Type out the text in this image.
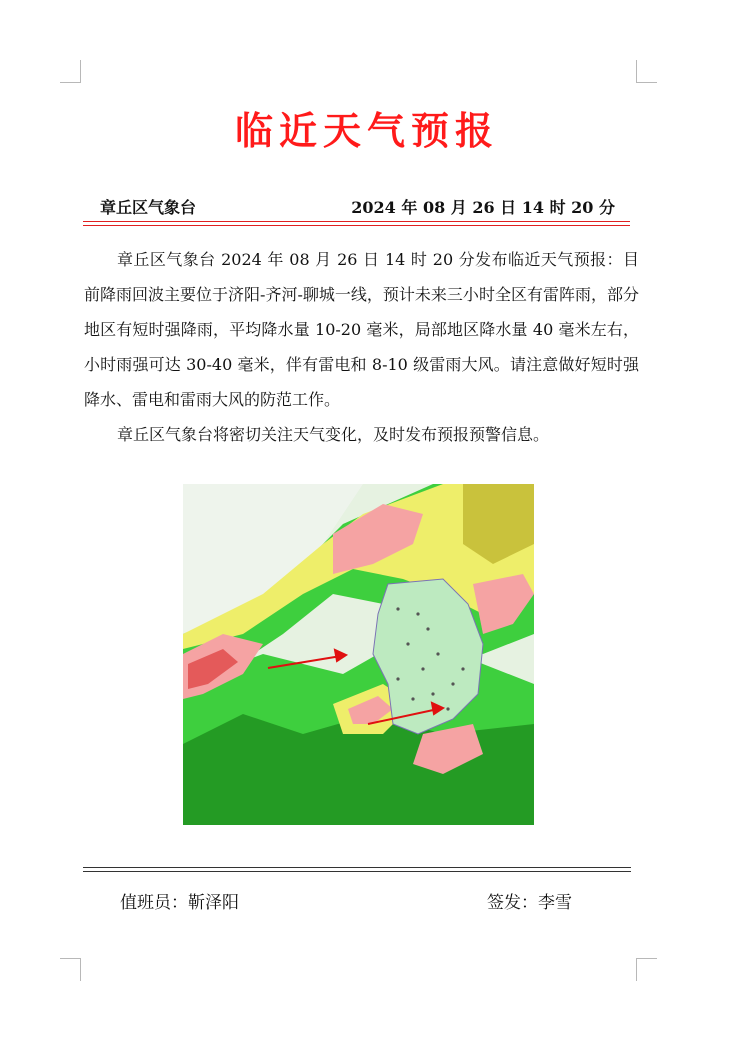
临近天气预报
章丘区气象台	2024 年 08 月 26 日 14 时 20 分

章丘区气象台 2024 年 08 月 26 日 14 时 20 分发布临近天气预报：目前降雨回波主要位于济阳-齐河-聊城一线，预计未来三小时全区有雷阵雨，部分地区有短时强降雨，平均降水量 10-20 毫米，局部地区降水量 40 毫米左右，小时雨强可达 30-40 毫米，伴有雷电和 8-10 级雷雨大风。请注意做好短时强降水、雷电和雷雨大风的防范工作。

章丘区气象台将密切关注天气变化，及时发布预报预警信息。

值班员：靳泽阳	签发：李雪
